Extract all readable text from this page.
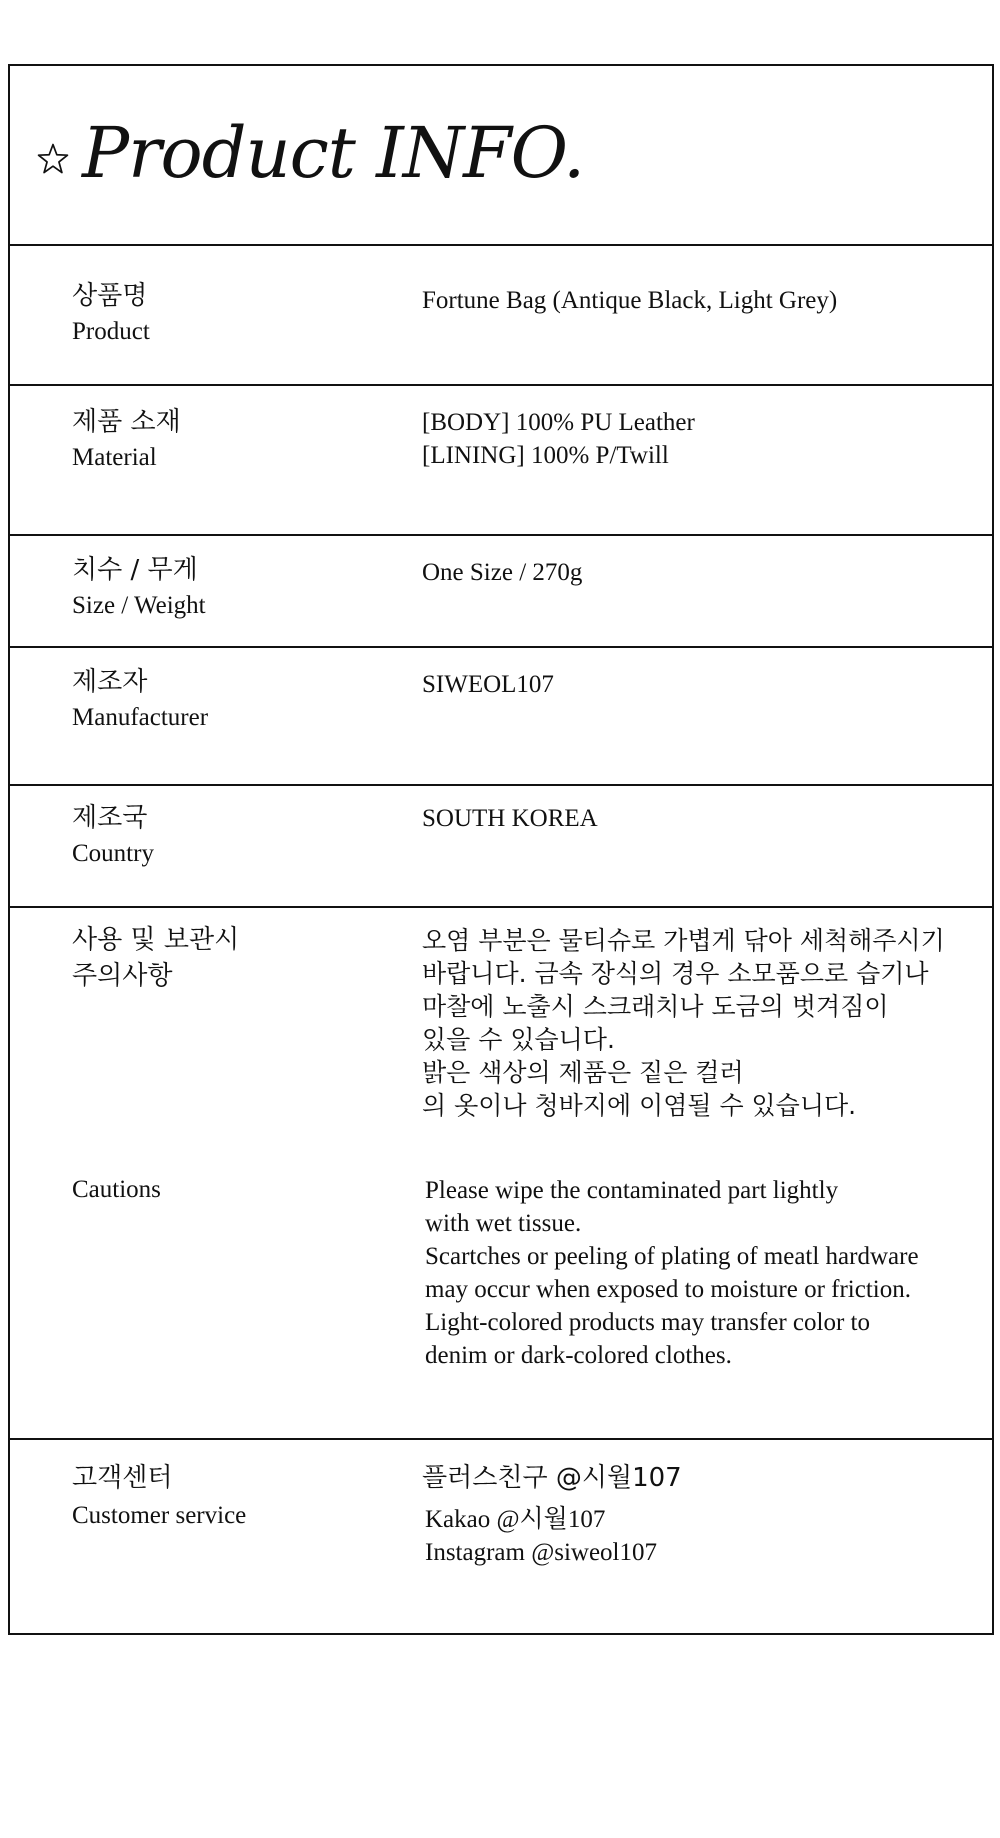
Product INFO.
상품명
Product
Fortune Bag (Antique Black, Light Grey)
제품 소재
Material
[BODY] 100% PU Leather
[LINING] 100% P/Twill
치수 / 무게
Size / Weight
One Size / 270g
제조자
Manufacturer
SIWEOL107
제조국
Country
SOUTH KOREA
사용 및 보관시
주의사항
Cautions
오염 부분은 물티슈로 가볍게 닦아 세척해주시기
바랍니다. 금속 장식의 경우 소모품으로 습기나
마찰에 노출시 스크래치나 도금의 벗겨짐이
있을 수 있습니다.
밝은 색상의 제품은 짙은 컬러
의 옷이나 청바지에 이염될 수 있습니다.
Please wipe the contaminated part lightly
with wet tissue.
Scartches or peeling of plating of meatl hardware
may occur when exposed to moisture or friction.
Light-colored products may transfer color to
denim or dark-colored clothes.
고객센터
Customer service
플러스친구 @시월107
Kakao @시월107
Instagram @siweol107
